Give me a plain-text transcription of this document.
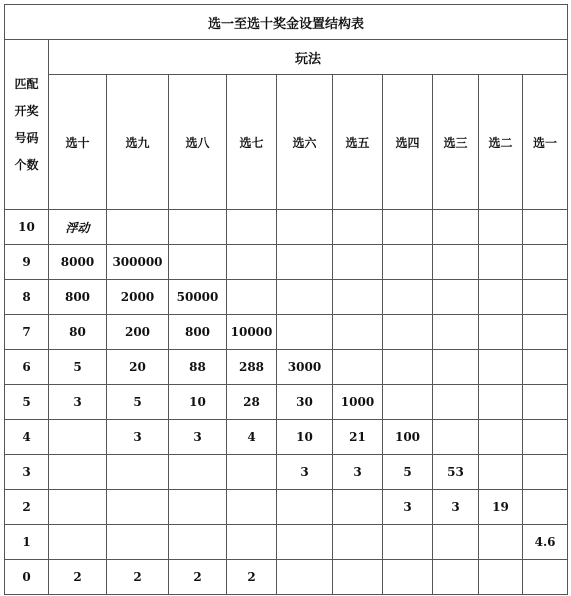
选一至选十奖金设置结构表										

匹配
开奖
号码
个数	玩法									
	选十	选九	选八	选七	选六	选五	选四	选三	选二	选一
10	浮动									
9	8000	300000								
8	800	2000	50000							
7	80	200	800	10000						
6	5	20	88	288	3000					
5	3	5	10	28	30	1000				
4		3	3	4	10	21	100			
3					3	3	5	53		
2							3	3	19	
1										4.6
0	2	2	2	2						
